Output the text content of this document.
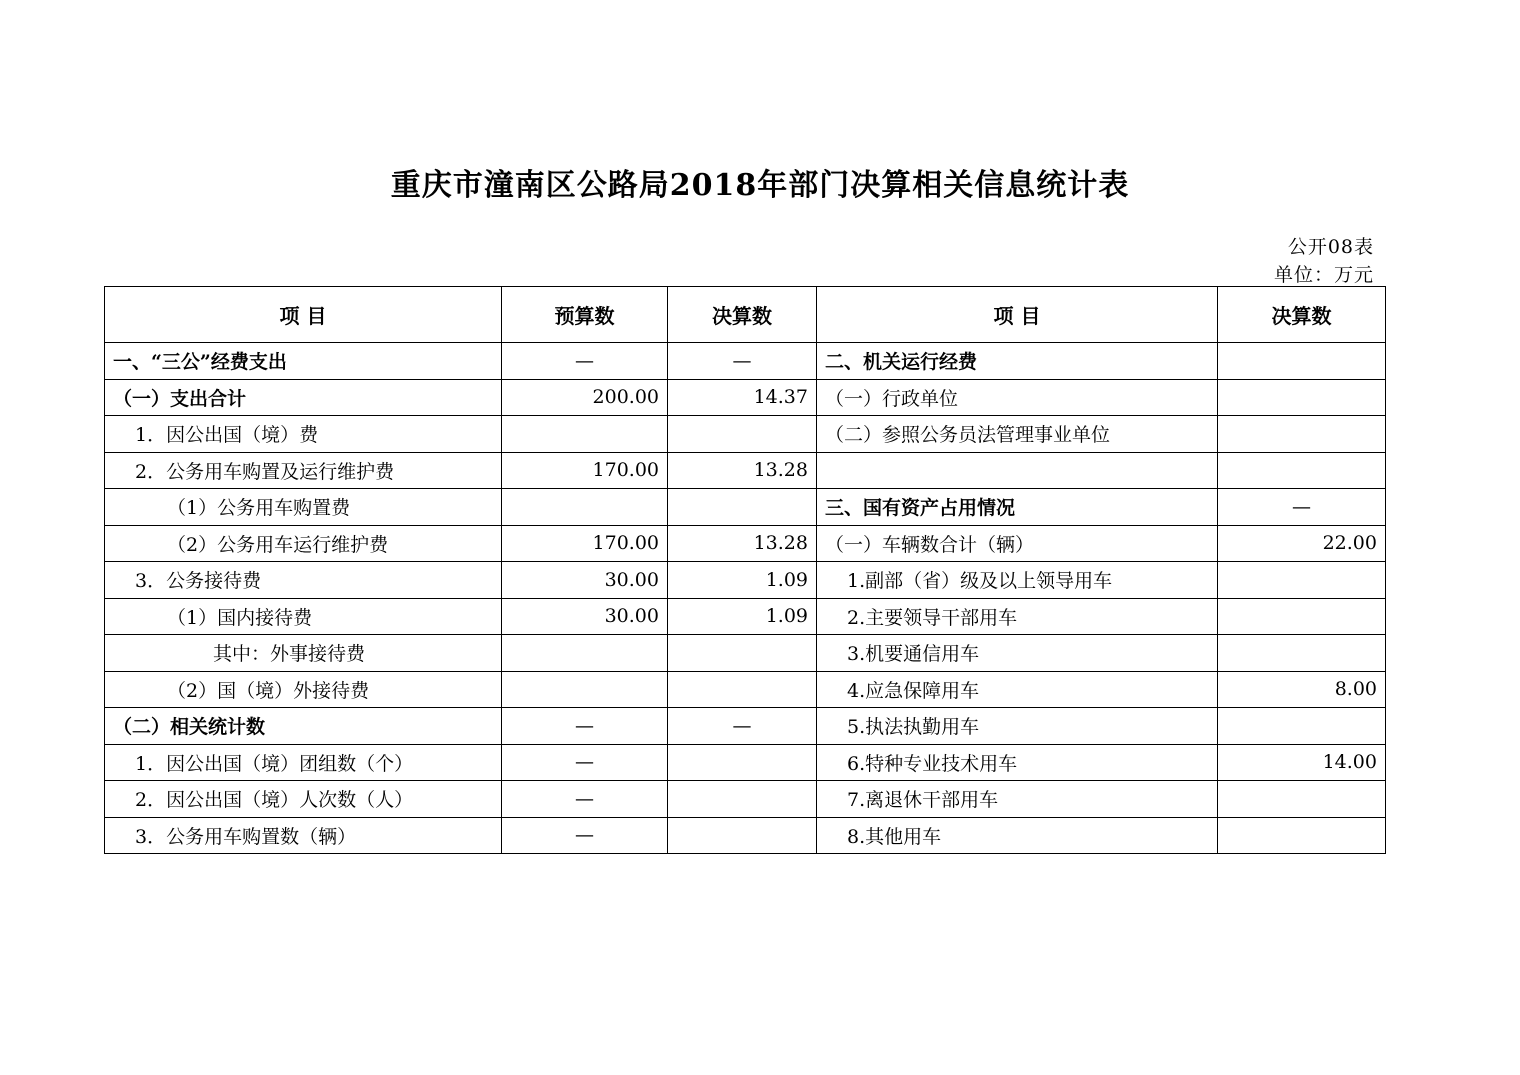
重庆市潼南区公路局2018年部门决算相关信息统计表
公开08表
单位：万元
项 目	预算数	决算数	项 目	决算数
一、“三公”经费支出	—	—	二、机关运行经费	
（一）支出合计	200.00	14.37	（一）行政单位	
1．因公出国（境）费			（二）参照公务员法管理事业单位	
2．公务用车购置及运行维护费	170.00	13.28		
（1）公务用车购置费			三、国有资产占用情况	—
（2）公务用车运行维护费	170.00	13.28	（一）车辆数合计（辆）	22.00
3．公务接待费	30.00	1.09	1.副部（省）级及以上领导用车	
（1）国内接待费	30.00	1.09	2.主要领导干部用车	
其中：外事接待费			3.机要通信用车	
（2）国（境）外接待费			4.应急保障用车	8.00
（二）相关统计数	—	—	5.执法执勤用车	
1．因公出国（境）团组数（个）	—		6.特种专业技术用车	14.00
2．因公出国（境）人次数（人）	—		7.离退休干部用车	
3．公务用车购置数（辆）	—		8.其他用车	
